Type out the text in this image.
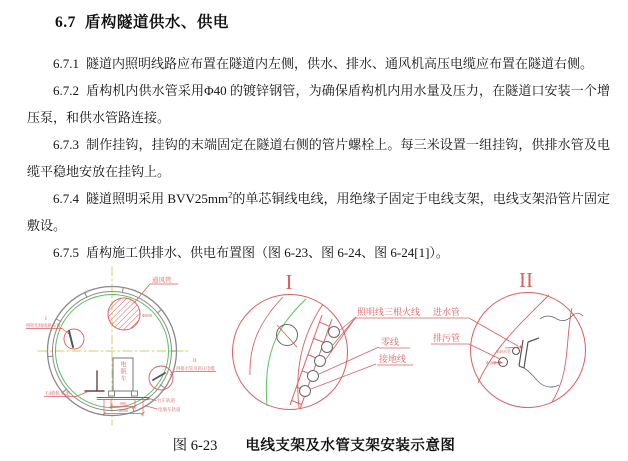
6.7 盾构隧道供水、供电

6.7.1 隧道内照明线路应布置在隧道内左侧，供水、排水、通风机高压电缆应布置在隧道右侧。

6.7.2 盾构机内供水管采用Φ40 的镀锌钢管，为确保盾构机内用水量及压力，在隧道口安装一个增压泵，和供水管路连接。

6.7.3 制作挂钩，挂钩的末端固定在隧道右侧的管片螺栓上。每三米设置一组挂钩，供排水管及电缆平稳地安放在挂钩上。

6.7.4 隧道照明采用 $BVV25mm^2$的单芯铜线电线，用绝缘子固定于电线支架，电线支架沿管片固定敷设。

6.7.5 盾构施工供排水、供电布置图（图 6-23、图 6-24、图 6-24[1]）。

Φ800
通风管
I
照明电线线路布置
II
供排水管及高压电缆
电瓶车
石碴机车道
900
2080
台车轨道
电瓶车轨道
I
照明线三根火线
零线
接地线
II
Φ40水管
Φ50管
进水管
排污管
图 6-23 电线支架及水管支架安装示意图
